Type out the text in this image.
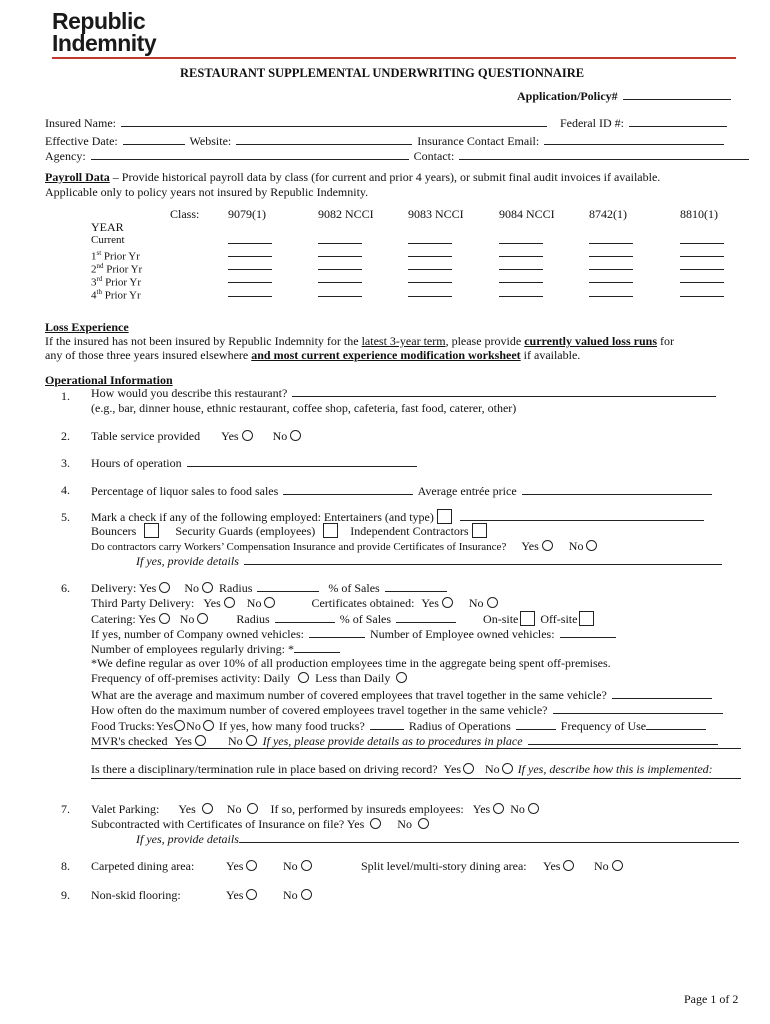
Republic
Indemnity
RESTAURANT SUPPLEMENTAL UNDERWRITING QUESTIONNAIRE
Application/Policy#
Insured Name:	Federal ID #:
Effective Date:	Website:	Insurance Contact Email:
Agency:	Contact:
Payroll Data – Provide historical payroll data by class (for current and prior 4 years), or submit final audit invoices if available.
Applicable only to policy years not insured by Republic Indemnity.
Class: 9079(1)	9082 NCCI	9083 NCCI	9084 NCCI	8742(1)	8810(1)
YEAR
Current
1st Prior Yr
2nd Prior Yr
3rd Prior Yr
4th Prior Yr
Loss Experience
If the insured has not been insured by Republic Indemnity for the latest 3-year term, please provide currently valued loss runs for
any of those three years insured elsewhere and most current experience modification worksheet if available.
Operational Information
1. How would you describe this restaurant?
(e.g., bar, dinner house, ethnic restaurant, coffee shop, cafeteria, fast food, caterer, other)
2. Table service provided Yes	No
3. Hours of operation
4. Percentage of liquor sales to food sales	Average entrée price
5. Mark a check if any of the following employed: Entertainers (and type)
Bouncers	Security Guards (employees)	Independent Contractors
Do contractors carry Workers’ Compensation Insurance and provide Certificates of Insurance? Yes	No
If yes, provide details
6. Delivery: Yes No Radius	% of Sales
Third Party Delivery: Yes No	Certificates obtained: Yes	No
Catering: Yes No	Radius	% of Sales	On-site Off-site
If yes, number of Company owned vehicles:	Number of Employee owned vehicles:
Number of employees regularly driving: *
*We define regular as over 10% of all production employees time in the aggregate being spent off-premises.
Frequency of off-premises activity: Daily Less than Daily
What are the average and maximum number of covered employees that travel together in the same vehicle?
How often do the maximum number of covered employees travel together in the same vehicle?
Food Trucks: Yes No If yes, how many food trucks?	Radius of Operations	Frequency of Use
MVR's checked Yes	No If yes, please provide details as to procedures in place
Is there a disciplinary/termination rule in place based on driving record? Yes No If yes, describe how this is implemented:
7. Valet Parking: Yes	No If so, performed by insureds employees: Yes No
Subcontracted with Certificates of Insurance on file? Yes	No
If yes, provide details
8. Carpeted dining area:	Yes	No	Split level/multi-story dining area: Yes	No
9. Non-skid flooring:	Yes	No
Page 1 of 2
